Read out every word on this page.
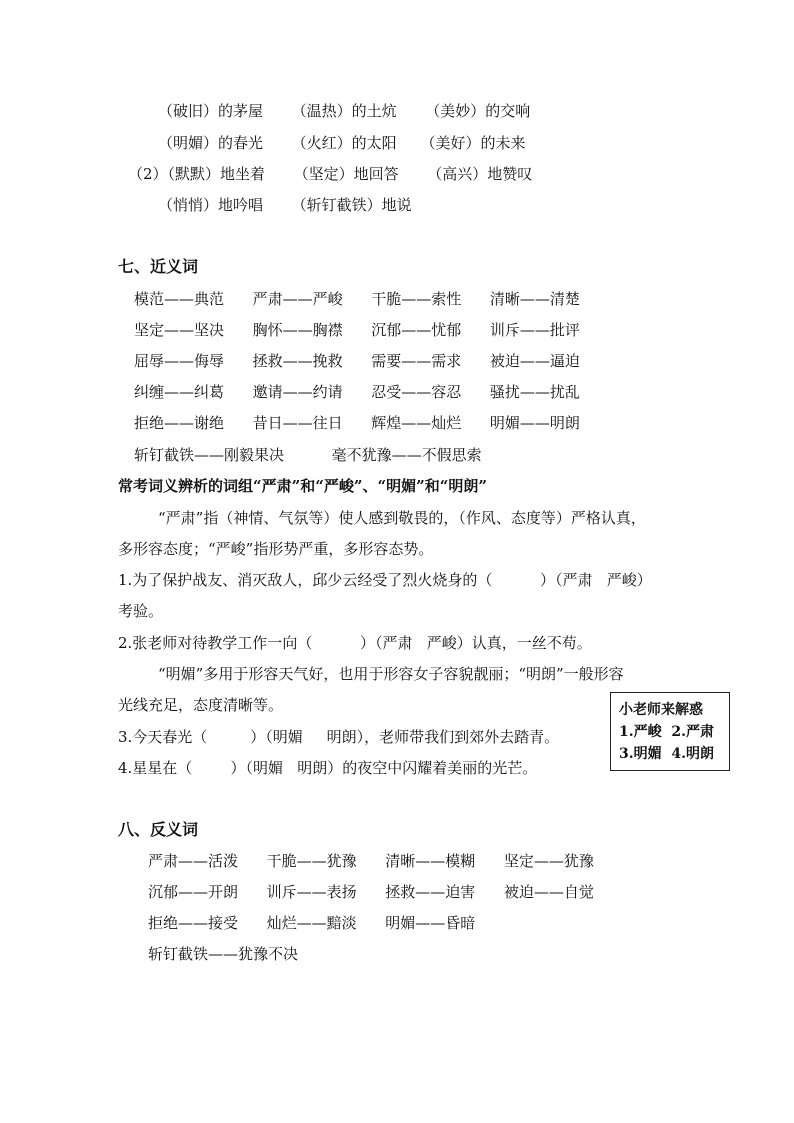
（破旧）的茅屋      （温热）的土炕      （美妙）的交响
（明媚）的春光      （火红）的太阳     （美好）的未来
（2）（默默）地坐着      （坚定）地回答      （高兴）地赞叹
（悄悄）地吟唱      （斩钉截铁）地说
七、近义词
模范——典范      严肃——严峻      干脆——索性      清晰——清楚
坚定——坚决      胸怀——胸襟      沉郁——忧郁      训斥——批评
屈辱——侮辱      拯救——挽救      需要——需求      被迫——逼迫
纠缠——纠葛      邀请——约请      忍受——容忍      骚扰——扰乱
拒绝——谢绝      昔日——往日      辉煌——灿烂      明媚——明朗
斩钉截铁——刚毅果决          毫不犹豫——不假思索
常考词义辨析的词组“严肃”和“严峻”、“明媚”和“明朗”
“严肃”指（神情、气氛等）使人感到敬畏的，（作风、态度等）严格认真，
多形容态度；“严峻”指形势严重，多形容态势。
1.为了保护战友、消灭敌人，邱少云经受了烈火烧身的（          ）（严肃   严峻）
考验。
2.张老师对待教学工作一向（          ）（严肃   严峻）认真，一丝不苟。
“明媚”多用于形容天气好，也用于形容女子容貌靓丽；“明朗”一般形容
光线充足，态度清晰等。
3.今天春光（         ）（明媚     明朗），老师带我们到郊外去踏青。
4.星星在（        ）（明媚   明朗）的夜空中闪耀着美丽的光芒。
小老师来解惑
1.严峻  2.严肃
3.明媚  4.明朗
八、反义词
严肃——活泼      干脆——犹豫      清晰——模糊      坚定——犹豫
沉郁——开朗      训斥——表扬      拯救——迫害      被迫——自觉
拒绝——接受      灿烂——黯淡      明媚——昏暗
斩钉截铁——犹豫不决
